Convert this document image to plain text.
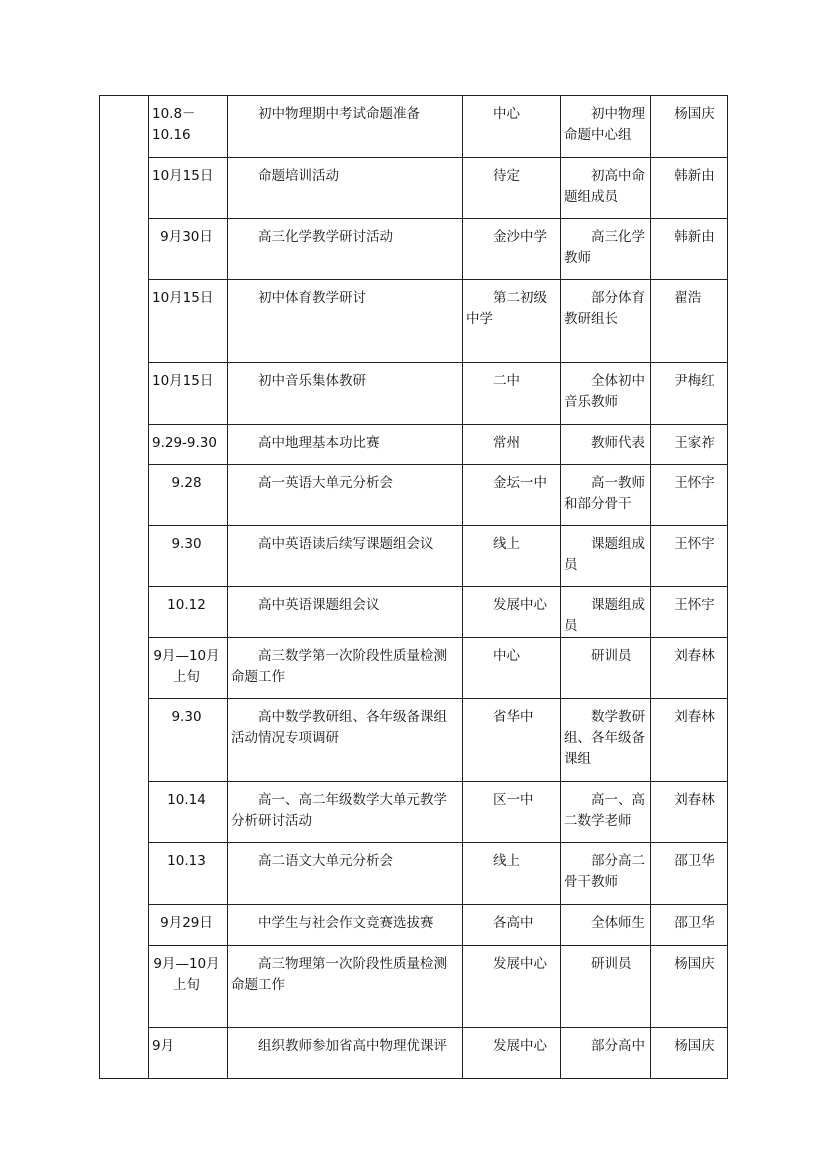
	10.8－10.16	初中物理期中考试命题准备	中心	初中物理命题中心组	杨国庆
	10月15日	命题培训活动	待定	初高中命题组成员	韩新由
	9月30日	高三化学教学研讨活动	金沙中学	高三化学教师	韩新由
	10月15日	初中体育教学研讨	第二初级中学	部分体育教研组长	翟浩
	10月15日	初中音乐集体教研	二中	全体初中音乐教师	尹梅红
	9.29-9.30	高中地理基本功比赛	常州	教师代表	王家祚
	9.28	高一英语大单元分析会	金坛一中	高一教师和部分骨干	王怀宇
	9.30	高中英语读后续写课题组会议	线上	课题组成员	王怀宇
	10.12	高中英语课题组会议	发展中心	课题组成员	王怀宇
	9月—10月上旬	高三数学第一次阶段性质量检测命题工作	中心	研训员	刘春林
	9.30	高中数学教研组、各年级备课组活动情况专项调研	省华中	数学教研组、各年级备课组	刘春林
	10.14	高一、高二年级数学大单元教学分析研讨活动	区一中	高一、高二数学老师	刘春林
	10.13	高二语文大单元分析会	线上	部分高二骨干教师	邵卫华
	9月29日	中学生与社会作文竞赛选拔赛	各高中	全体师生	邵卫华
	9月—10月上旬	高三物理第一次阶段性质量检测命题工作	发展中心	研训员	杨国庆
	9月	组织教师参加省高中物理优课评	发展中心	部分高中	杨国庆
